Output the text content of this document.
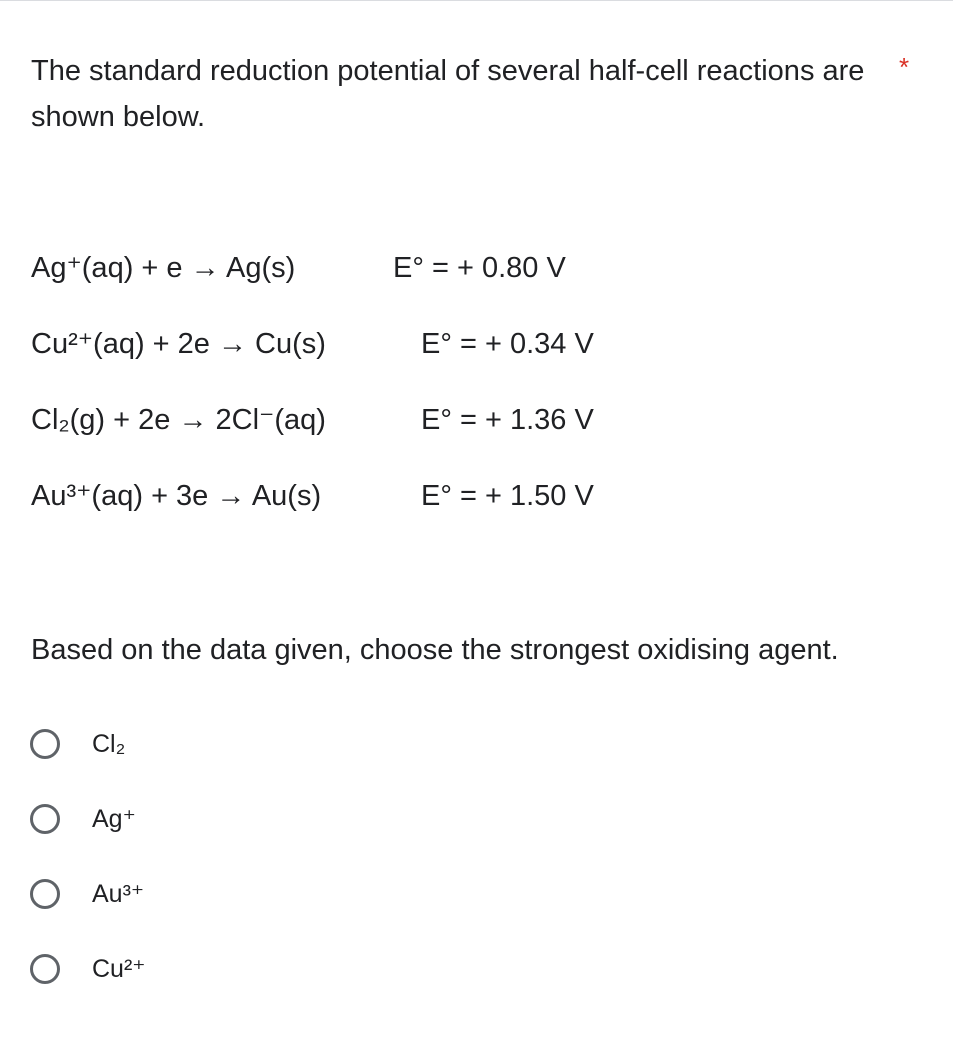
The standard reduction potential of several half-cell reactions are shown below.
*
Ag⁺(aq) + e → Ag(s)	E° = + 0.80 V
Cu²⁺(aq) + 2e → Cu(s)	E° = + 0.34 V
Cl₂(g) + 2e → 2Cl⁻(aq)	E° = + 1.36 V
Au³⁺(aq) + 3e → Au(s)	E° = + 1.50 V
Based on the data given, choose the strongest oxidising agent.
Cl₂
Ag⁺
Au³⁺
Cu²⁺
